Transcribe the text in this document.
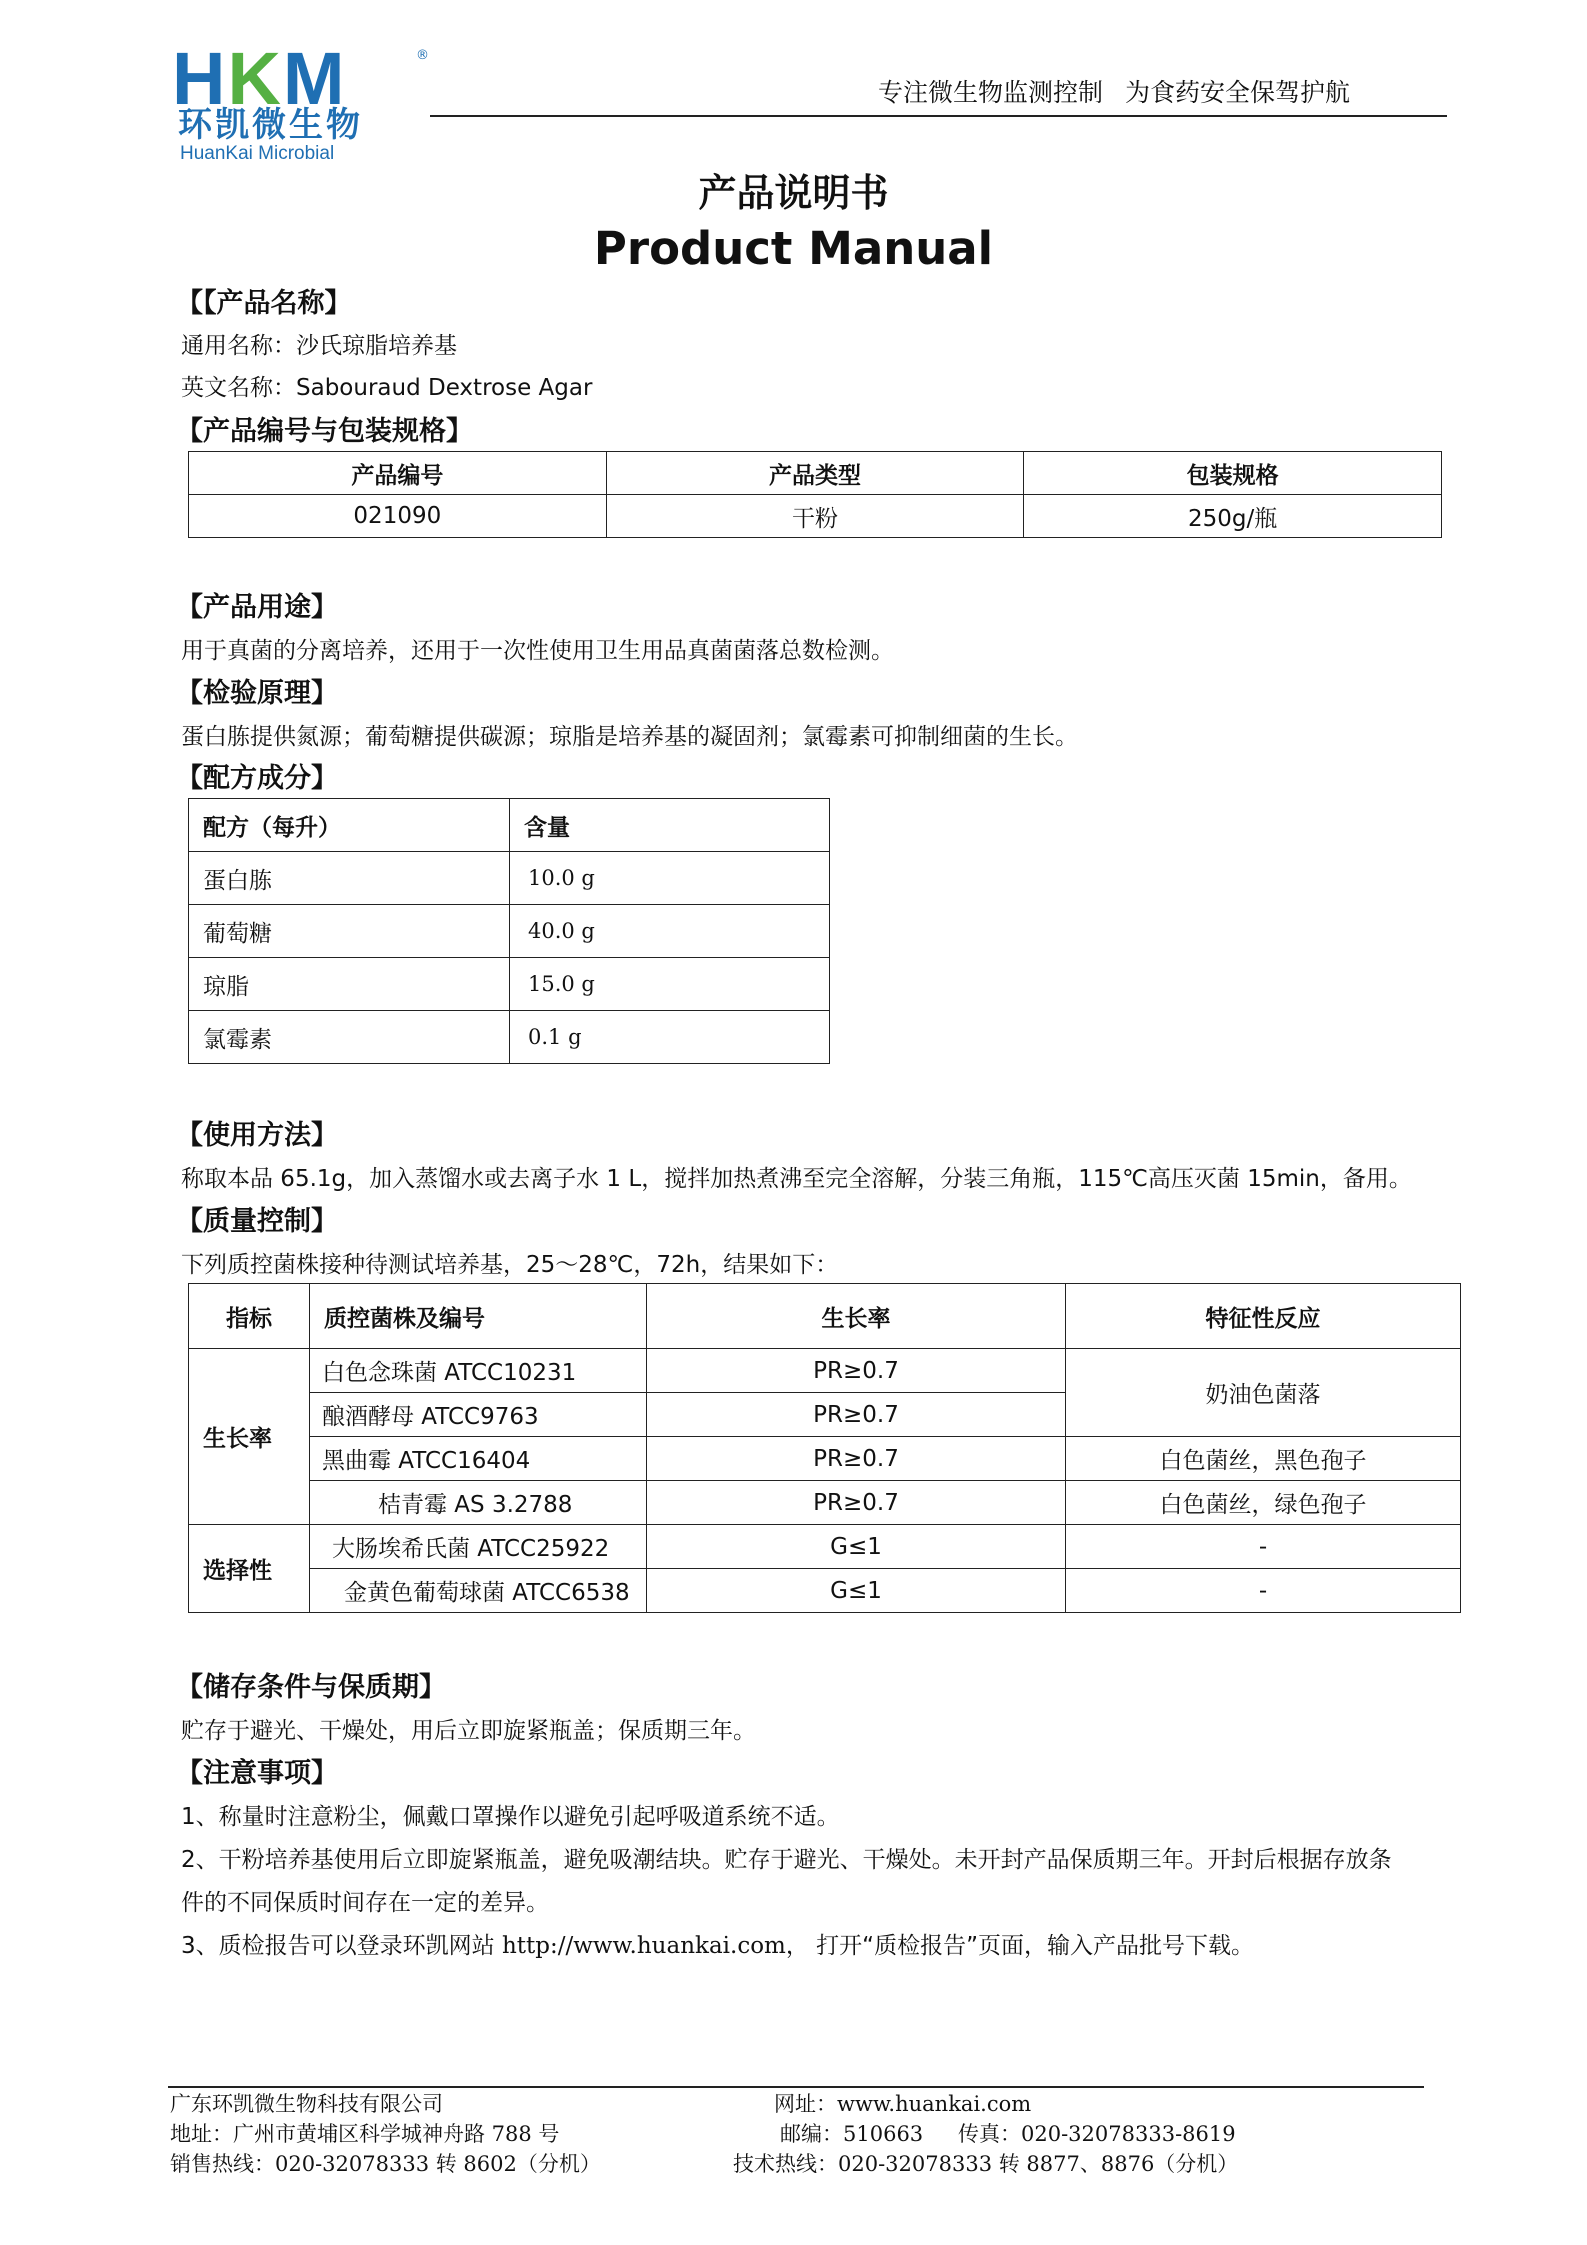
HKM	®
环凯微生物
HuanKai Microbial
专注微生物监测控制 为食药安全保驾护航
产品说明书
Product Manual
【【产品名称】
通用名称：沙氏琼脂培养基
英文名称：Sabouraud Dextrose Agar
【产品编号与包装规格】
产品编号	产品类型	包装规格
021090	干粉	250g/瓶
【产品用途】
用于真菌的分离培养，还用于一次性使用卫生用品真菌菌落总数检测。
【检验原理】
蛋白胨提供氮源；葡萄糖提供碳源；琼脂是培养基的凝固剂；氯霉素可抑制细菌的生长。
【配方成分】
配方（每升）	含量
蛋白胨	10.0 g
葡萄糖	40.0 g
琼脂	15.0 g
氯霉素	0.1 g
【使用方法】
称取本品 65.1g，加入蒸馏水或去离子水 1 L，搅拌加热煮沸至完全溶解，分装三角瓶，115℃高压灭菌 15min，备用。
【质量控制】
下列质控菌株接种待测试培养基，25～28℃，72h，结果如下：
指标	质控菌株及编号	生长率	特征性反应
生长率	白色念珠菌 ATCC10231	PR≥0.7	奶油色菌落
	酿酒酵母 ATCC9763	PR≥0.7	
	黑曲霉 ATCC16404	PR≥0.7	白色菌丝，黑色孢子
	桔青霉 AS 3.2788	PR≥0.7	白色菌丝，绿色孢子
选择性	大肠埃希氏菌 ATCC25922	G≤1	-
	金黄色葡萄球菌 ATCC6538	G≤1	-
【储存条件与保质期】
贮存于避光、干燥处，用后立即旋紧瓶盖；保质期三年。
【注意事项】
1、称量时注意粉尘，佩戴口罩操作以避免引起呼吸道系统不适。
2、干粉培养基使用后立即旋紧瓶盖，避免吸潮结块。贮存于避光、干燥处。未开封产品保质期三年。开封后根据存放条
件的不同保质时间存在一定的差异。
3、质检报告可以登录环凯网站 http://www.huankai.com， 打开“质检报告”页面，输入产品批号下载。
广东环凯微生物科技有限公司
地址：广州市黄埔区科学城神舟路 788 号
销售热线：020-32078333 转 8602（分机）
网址：www.huankai.com
邮编：510663 传真：020-32078333-8619
技术热线：020-32078333 转 8877、8876（分机）
